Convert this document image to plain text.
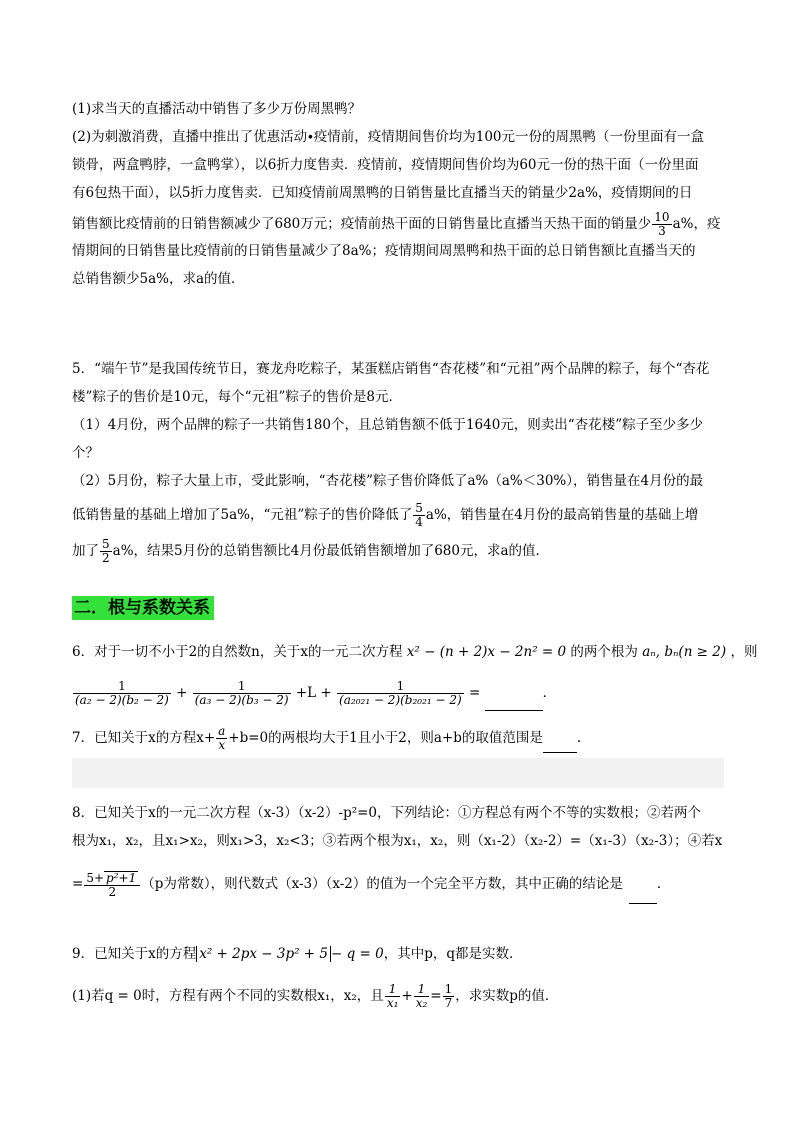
(1)求当天的直播活动中销售了多少万份周黑鸭？
(2)为刺激消费，直播中推出了优惠活动∙疫情前，疫情期间售价均为100元一份的周黑鸭（一份里面有一盒
锁骨，两盒鸭脖，一盒鸭掌），以6折力度售卖．疫情前，疫情期间售价均为60元一份的热干面（一份里面
有6包热干面），以5折力度售卖．已知疫情前周黑鸭的日销售量比直播当天的销量少2a%，疫情期间的日
销售额比疫情前的日销售额减少了680万元；疫情前热干面的日销售量比直播当天热干面的销量少 $\frac{10}{3} a\%$，疫
情期间的日销售量比疫情前的日销售量减少了8a%；疫情期间周黑鸭和热干面的总日销售额比直播当天的
总销售额少5a%，求a的值．
5．“端午节”是我国传统节日，赛龙舟吃粽子，某蛋糕店销售“杏花楼”和“元祖”两个品牌的粽子，每个“杏花
楼”粽子的售价是10元，每个“元祖”粽子的售价是8元．
（1）4月份，两个品牌的粽子一共销售180个，且总销售额不低于1640元，则卖出“杏花楼”粽子至少多少
个？
（2）5月份，粽子大量上市，受此影响，“杏花楼”粽子售价降低了a%（a%＜30%），销售量在4月份的最
低销售量的基础上增加了5a%，“元祖”粽子的售价降低了 $\frac{5}{4} a\%$，销售量在4月份的最高销售量的基础上增
加了 $\frac{5}{2} a\%$，结果5月份的总销售额比4月份最低销售额增加了680元，求a的值．
二．根与系数关系
6．对于一切不小于2的自然数n，关于x的一元二次方程 x² − (n + 2)x − 2n² = 0 的两个根为 aₙ, bₙ(n ≥ 2) ，则
$\frac{1}{\text{(a₂ − 2)(b₂ − 2)}} + \frac{1}{\text{(a₃ − 2)(b₃ − 2)}} +L + \frac{1}{\text{(a₂₀₂₁ − 2)(b₂₀₂₁ − 2)}}$ =	．
7．已知关于x的方程$x+ \frac{a}{x} +b=0$的两根均大于1且小于2，则a+b的取值范围是	.
8．已知关于x的一元二次方程（x-3）（x-2）-p²=0，下列结论：①方程总有两个不等的实数根；②若两个
根为x₁，x₂，且x₁>x₂，则x₁>3，x₂<3；③若两个根为x₁，x₂，则（x₁-2）（x₂-2）=（x₁-3）（x₂-3）；④若x
= $\frac{\text{5+ p²+1}}{2} (p$为常数），则代数式（x-3）（x-2）的值为一个完全平方数，其中正确的结论是	．
9．已知关于x的方程 x² + 2px − 3p² + 5 − q = 0，其中p，q都是实数．
(1)若q = 0时，方程有两个不同的实数根x₁，x₂，且 $\frac{1}{\text{x₁}} + \frac{1}{\text{x₂}} = \frac{1}{7}$ ，求实数p的值．
